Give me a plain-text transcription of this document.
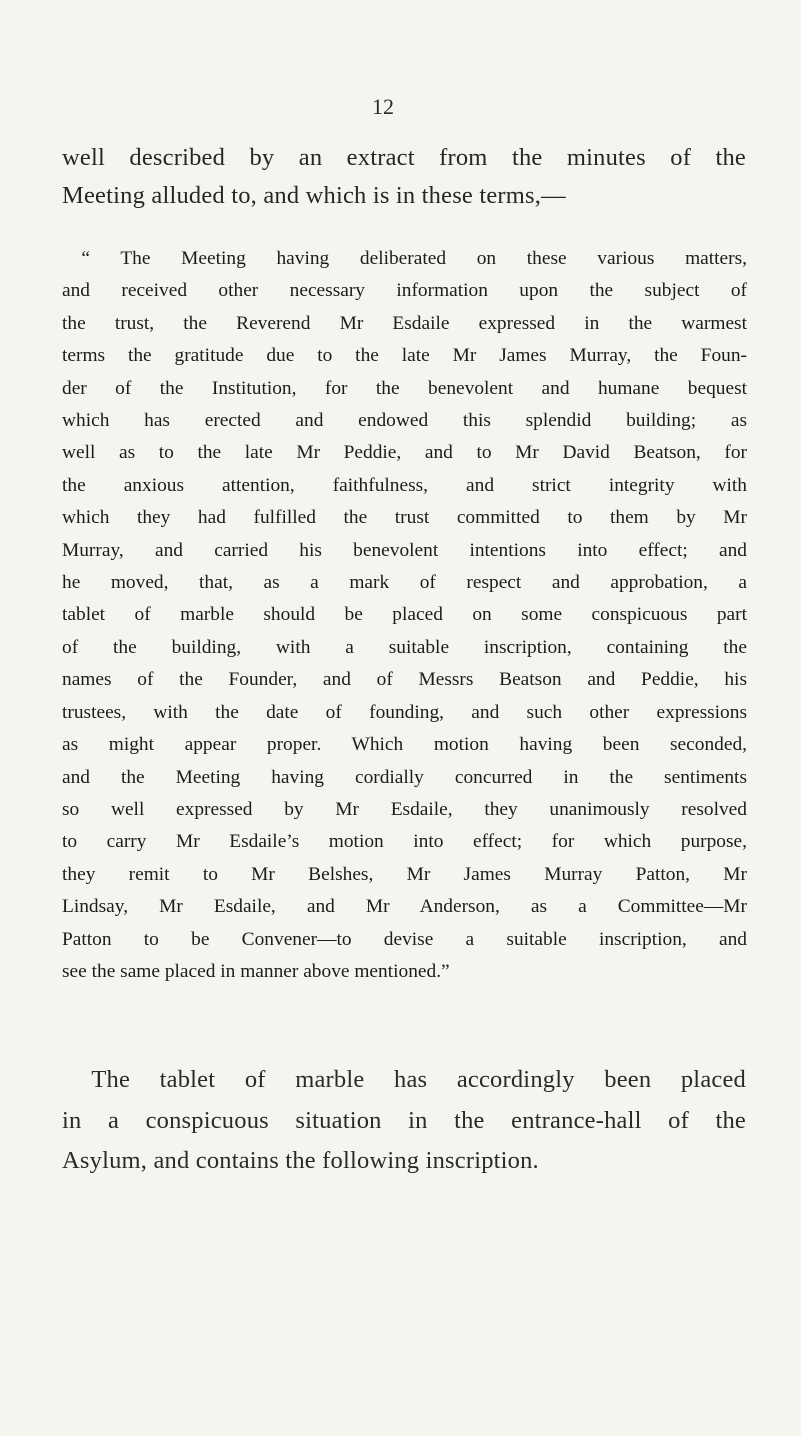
12
well described by an extract from the minutes of the
Meeting alluded to, and which is in these terms,—
“ The Meeting having deliberated on these various matters,
and received other necessary information upon the subject of
the trust, the Reverend Mr Esdaile expressed in the warmest
terms the gratitude due to the late Mr James Murray, the Foun-
der of the Institution, for the benevolent and humane bequest
which has erected and endowed this splendid building; as
well as to the late Mr Peddie, and to Mr David Beatson, for
the anxious attention, faithfulness, and strict integrity with
which they had fulfilled the trust committed to them by Mr
Murray, and carried his benevolent intentions into effect; and
he moved, that, as a mark of respect and approbation, a
tablet of marble should be placed on some conspicuous part
of the building, with a suitable inscription, containing the
names of the Founder, and of Messrs Beatson and Peddie, his
trustees, with the date of founding, and such other expressions
as might appear proper. Which motion having been seconded,
and the Meeting having cordially concurred in the sentiments
so well expressed by Mr Esdaile, they unanimously resolved
to carry Mr Esdaile’s motion into effect; for which purpose,
they remit to Mr Belshes, Mr James Murray Patton, Mr
Lindsay, Mr Esdaile, and Mr Anderson, as a Committee—Mr
Patton to be Convener—to devise a suitable inscription, and
see the same placed in manner above mentioned.”
The tablet of marble has accordingly been placed
in a conspicuous situation in the entrance-hall of the
Asylum, and contains the following inscription.
